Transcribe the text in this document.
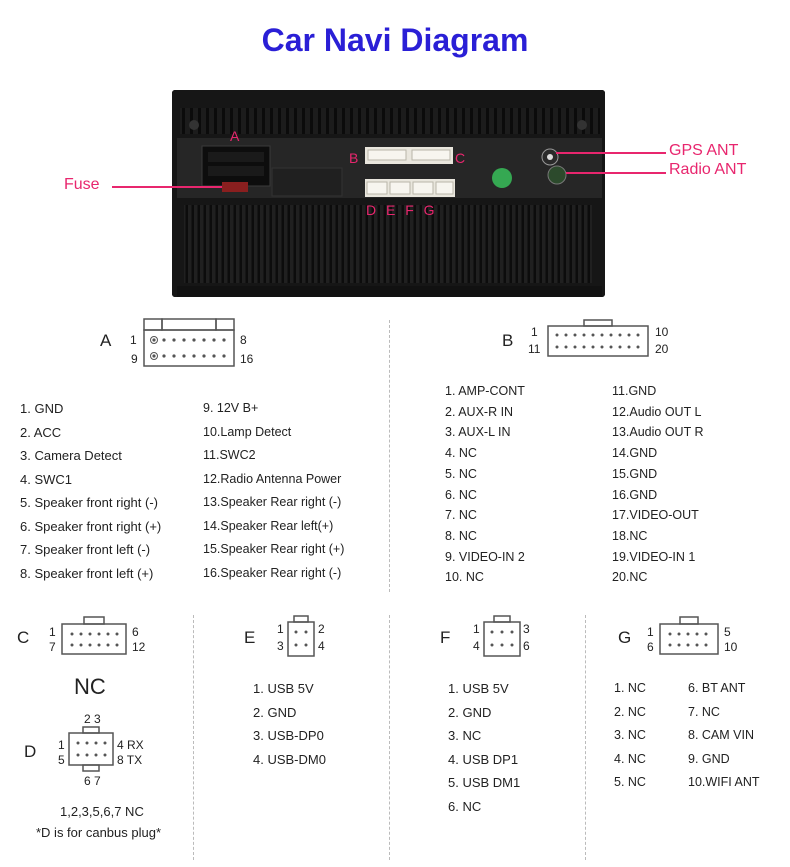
Car Navi Diagram
A
B	C
D E F G
Fuse
GPS ANT
Radio ANT
A 1
9
8
16
1. GND
2. ACC
3. Camera Detect
4. SWC1
5. Speaker front right (-)
6. Speaker front right (+)
7. Speaker front left (-)
8. Speaker front left (+)
9. 12V B+
10.Lamp Detect
11.SWC2
12.Radio Antenna Power
13.Speaker Rear right (-)
14.Speaker Rear left(+)
15.Speaker Rear right (+)
16.Speaker Rear right (-)
B 1
11
10
20
1. AMP-CONT
2. AUX-R IN
3. AUX-L IN
4. NC
5. NC
6. NC
7. NC
8. NC
9. VIDEO-IN 2
10. NC
11.GND
12.Audio OUT L
13.Audio OUT R
14.GND
15.GND
16.GND
17.VIDEO-OUT
18.NC
19.VIDEO-IN 1
20.NC
C 1
7
6
12
NC
D
2 3
1
5
4 RX
8 TX
6 7
1,2,3,5,6,7 NC
*D is for canbus plug*
E 1
3
2
4
1. USB 5V
2. GND
3. USB-DP0
4. USB-DM0
F 1
4
3
6
1. USB 5V
2. GND
3. NC
4. USB DP1
5. USB DM1
6. NC
G 1
6
5
10
1. NC
2. NC
3. NC
4. NC
5. NC
6. BT ANT
7. NC
8. CAM VIN
9. GND
10.WIFI ANT
